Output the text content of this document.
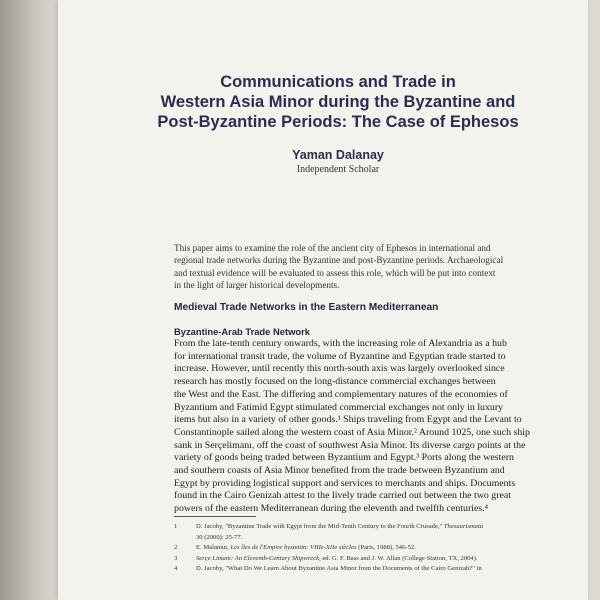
Communications and Trade in
Western Asia Minor during the Byzantine and
Post-Byzantine Periods: The Case of Ephesos
Yaman Dalanay
Independent Scholar
This paper aims to examine the role of the ancient city of Ephesos in international and
regional trade networks during the Byzantine and post-Byzantine periods. Archaeological
and textual evidence will be evaluated to assess this role, which will be put into context
in the light of larger historical developments.
Medieval Trade Networks in the Eastern Mediterranean
Byzantine-Arab Trade Network
From the late-tenth century onwards, with the increasing role of Alexandria as a hub
for international transit trade, the volume of Byzantine and Egyptian trade started to
increase. However, until recently this north-south axis was largely overlooked since
research has mostly focused on the long-distance commercial exchanges between
the West and the East. The differing and complementary natures of the economies of
Byzantium and Fatimid Egypt stimulated commercial exchanges not only in luxury
items but also in a variety of other goods.¹ Ships traveling from Egypt and the Levant to
Constantinople sailed along the western coast of Asia Minor.² Around 1025, one such ship
sank in Serçelimanı, off the coast of southwest Asia Minor. Its diverse cargo points at the
variety of goods being traded between Byzantium and Egypt.³ Ports along the western
and southern coasts of Asia Minor benefited from the trade between Byzantium and
Egypt by providing logistical support and services to merchants and ships. Documents
found in the Cairo Genizah attest to the lively trade carried out between the two great
powers of the eastern Mediterranean during the eleventh and twelfth centuries.⁴
1	D. Jacoby, "Byzantine Trade with Egypt from the Mid-Tenth Century to the Fourth Crusade," Thesaurismata
30 (2000): 25-77.
2	E. Malamut, Les îles de l'Empire byzantin: VIIIe-XIIe siècles (Paris, 1988), 546-52.
3	Serçe Limanı: An Eleventh-Century Shipwreck, ed. G. F. Bass and J. W. Allan (College Station, TX, 2004).
4	D. Jacoby, "What Do We Learn About Byzantine Asia Minor from the Documents of the Cairo Genizah?" in
